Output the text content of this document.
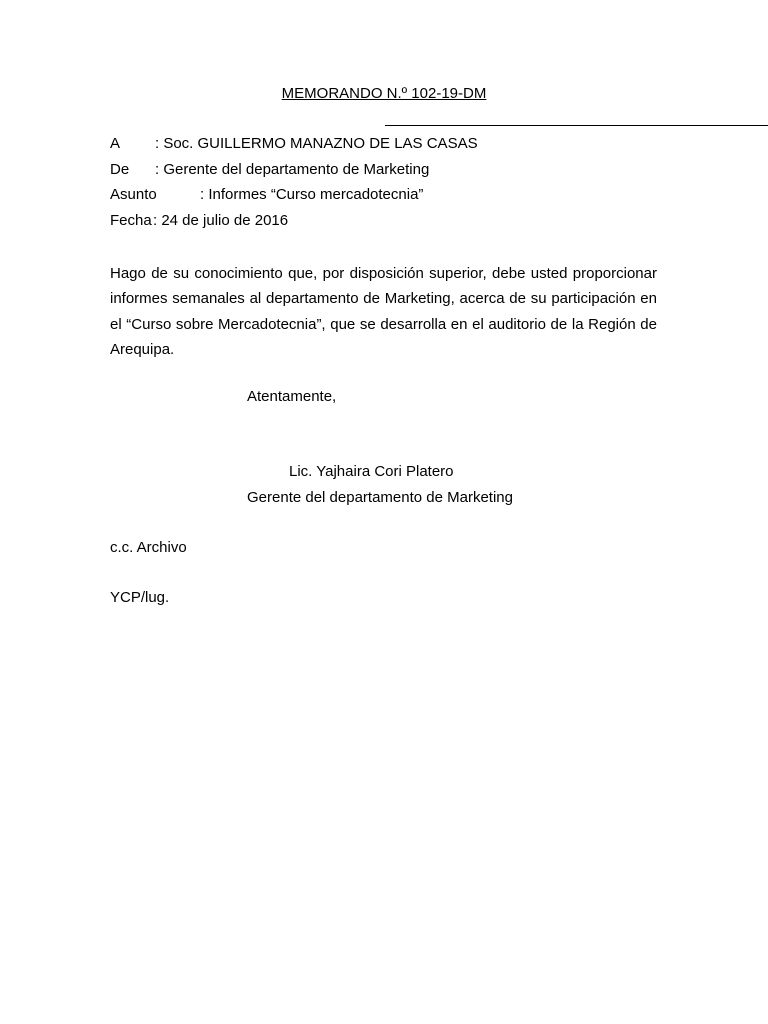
MEMORANDO N.º 102-19-DM
A : Soc. GUILLERMO MANAZNO DE LAS CASAS
De : Gerente del departamento de Marketing
Asunto	: Informes “Curso mercadotecnia”
Fecha : 24 de julio de 2016
Hago de su conocimiento que, por disposición superior, debe usted proporcionar informes semanales al departamento de Marketing, acerca de su participación en el “Curso sobre Mercadotecnia”, que se desarrolla en el auditorio de la Región de Arequipa.
Atentamente,
Lic. Yajhaira Cori Platero
Gerente del departamento de Marketing
c.c. Archivo
YCP/lug.
